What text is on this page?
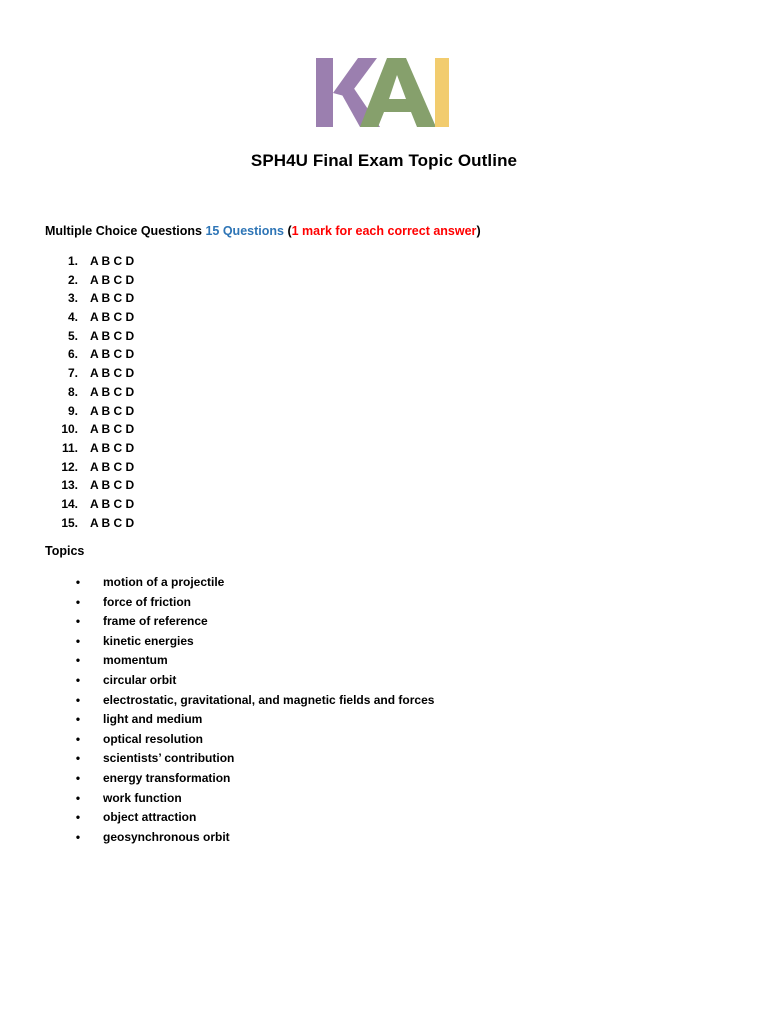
SPH4U Final Exam Topic Outline
Multiple Choice Questions 15 Questions (1 mark for each correct answer)
1. A B C D
2. A B C D
3. A B C D
4. A B C D
5. A B C D
6. A B C D
7. A B C D
8. A B C D
9. A B C D
10. A B C D
11. A B C D
12. A B C D
13. A B C D
14. A B C D
15. A B C D
Topics
•motion of a projectile
•force of friction
•frame of reference
•kinetic energies
•momentum
•circular orbit
•electrostatic, gravitational, and magnetic fields and forces
•light and medium
•optical resolution
•scientists’ contribution
•energy transformation
•work function
•object attraction
•geosynchronous orbit
